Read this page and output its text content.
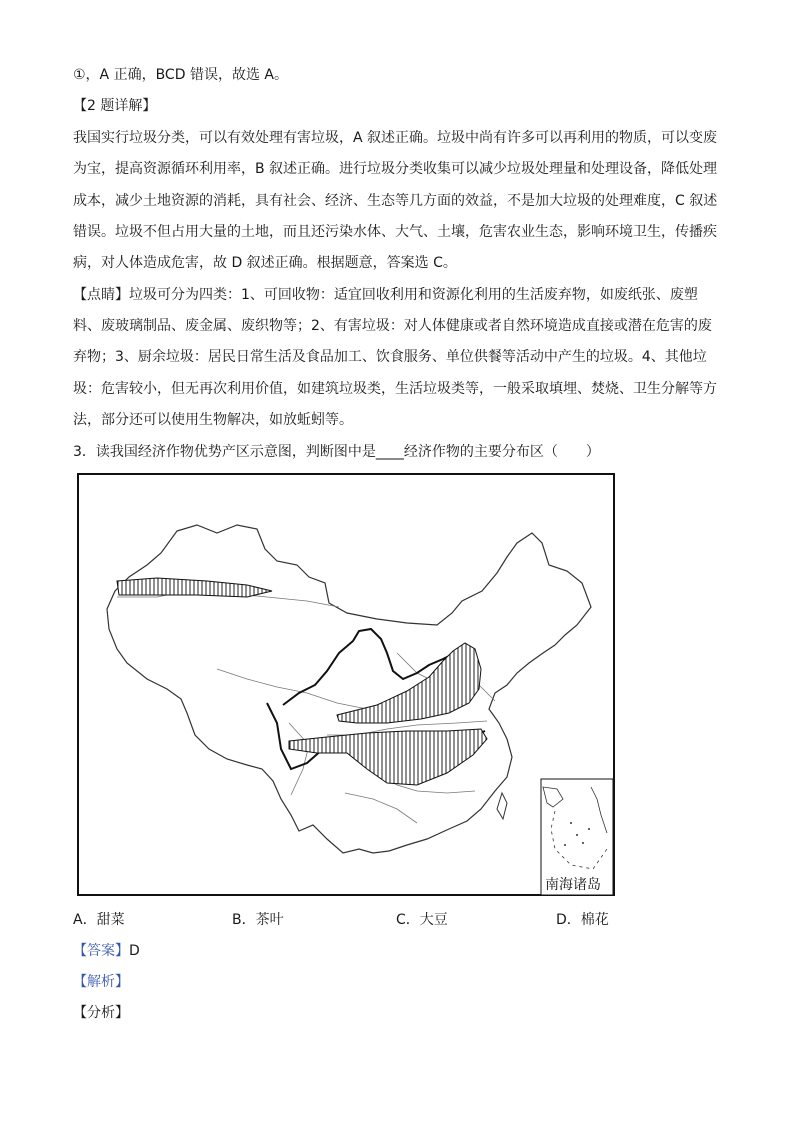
①，A 正确，BCD 错误，故选 A。
【2 题详解】
我国实行垃圾分类，可以有效处理有害垃圾，A 叙述正确。垃圾中尚有许多可以再利用的物质，可以变废
为宝，提高资源循环利用率，B 叙述正确。进行垃圾分类收集可以减少垃圾处理量和处理设备，降低处理
成本，减少土地资源的消耗，具有社会、经济、生态等几方面的效益，不是加大垃圾的处理难度，C 叙述
错误。垃圾不但占用大量的土地，而且还污染水体、大气、土壤，危害农业生态，影响环境卫生，传播疾
病，对人体造成危害，故 D 叙述正确。根据题意，答案选 C。
【点睛】垃圾可分为四类：1、可回收物：适宜回收利用和资源化利用的生活废弃物，如废纸张、废塑
料、废玻璃制品、废金属、废织物等；2、有害垃圾：对人体健康或者自然环境造成直接或潜在危害的废
弃物；3、厨余垃圾：居民日常生活及食品加工、饮食服务、单位供餐等活动中产生的垃圾。4、其他垃
圾：危害较小，但无再次利用价值，如建筑垃圾类，生活垃圾类等，一般采取填埋、焚烧、卫生分解等方
法，部分还可以使用生物解决，如放蚯蚓等。
3．读我国经济作物优势产区示意图，判断图中是____经济作物的主要分布区（　　）
南海诸岛
A．甜菜	B．茶叶	C．大豆	D．棉花
【答案】D
【解析】
【分析】
